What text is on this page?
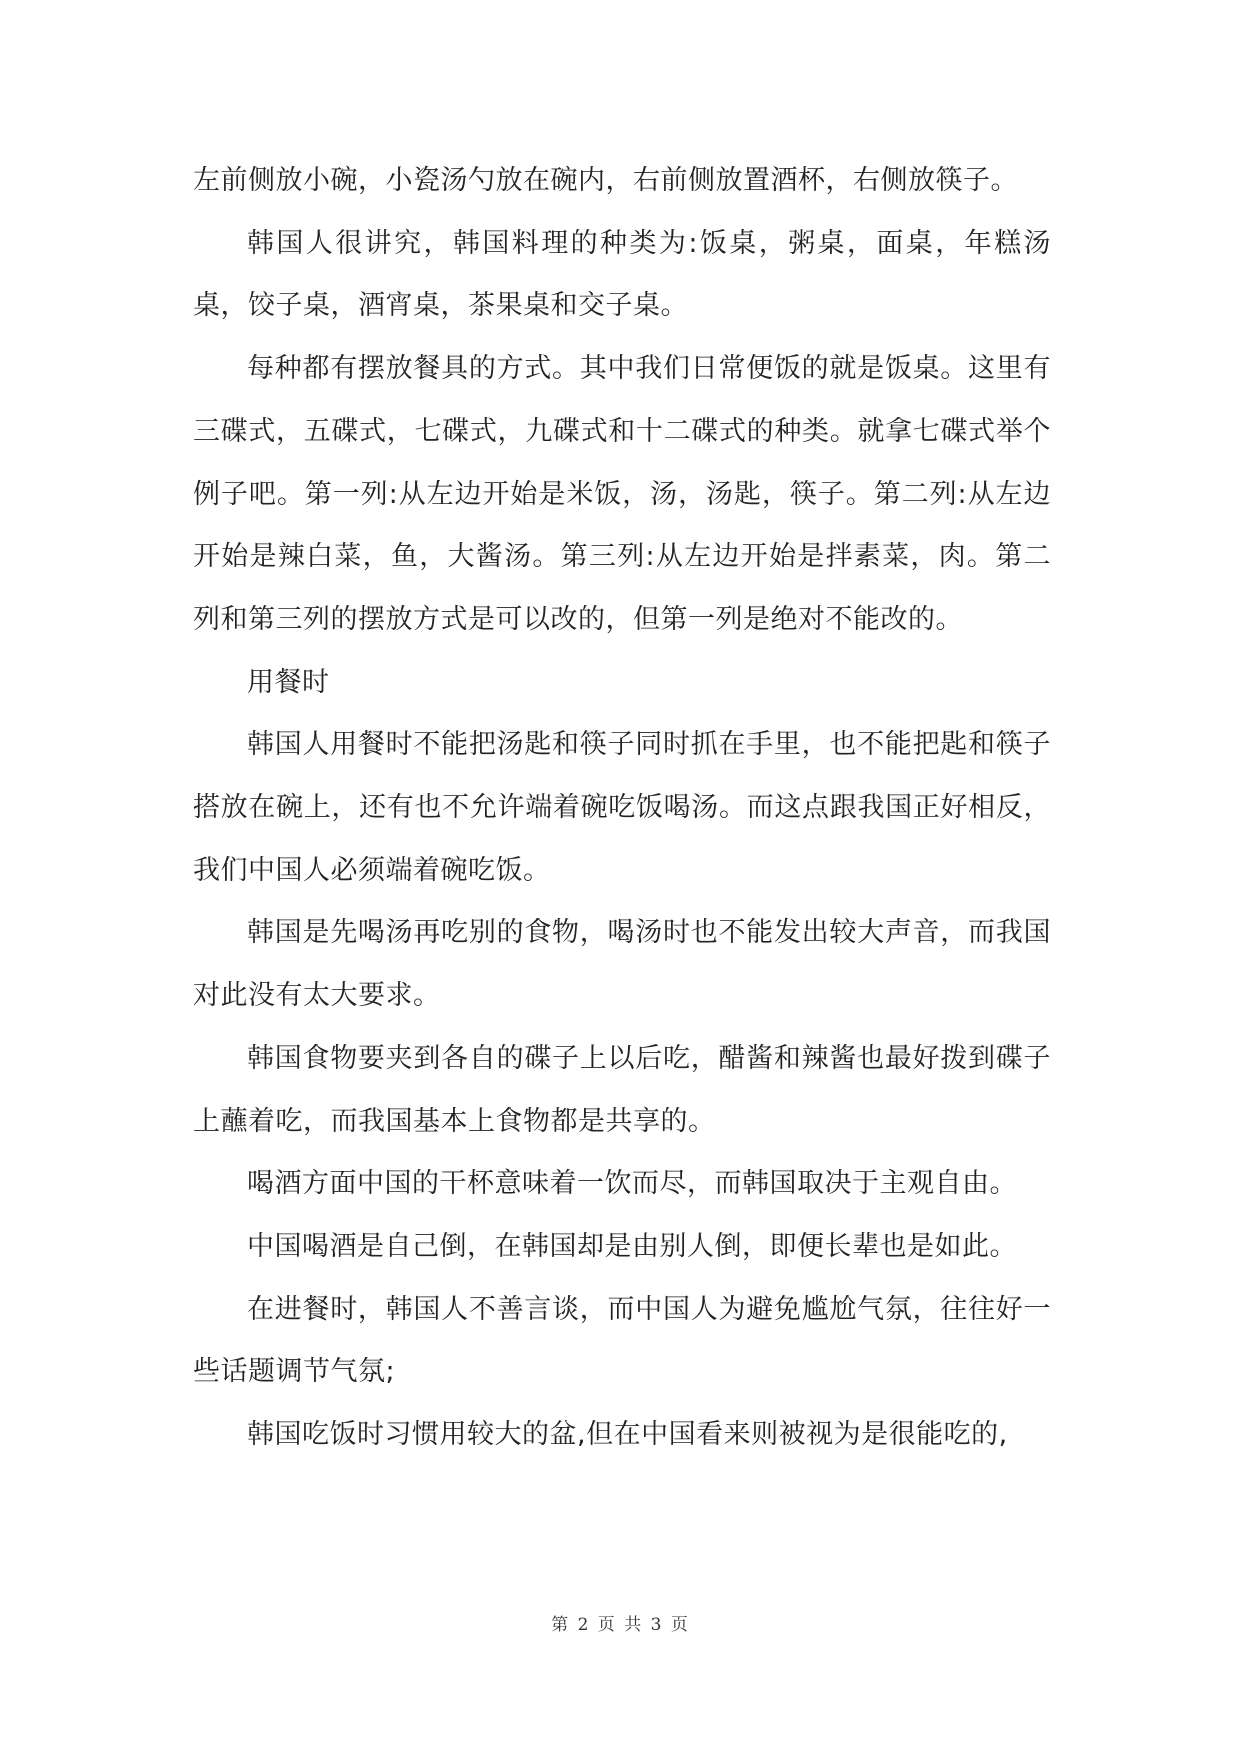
左前侧放小碗，小瓷汤勺放在碗内，右前侧放置酒杯，右侧放筷子。

韩国人很讲究，韩国料理的种类为:饭桌，粥桌，面桌，年糕汤桌，饺子桌，酒宵桌，茶果桌和交子桌。

每种都有摆放餐具的方式。其中我们日常便饭的就是饭桌。这里有三碟式，五碟式，七碟式，九碟式和十二碟式的种类。就拿七碟式举个例子吧。第一列:从左边开始是米饭，汤，汤匙，筷子。第二列:从左边开始是辣白菜，鱼，大酱汤。第三列:从左边开始是拌素菜，肉。第二列和第三列的摆放方式是可以改的，但第一列是绝对不能改的。

用餐时

韩国人用餐时不能把汤匙和筷子同时抓在手里，也不能把匙和筷子搭放在碗上，还有也不允许端着碗吃饭喝汤。而这点跟我国正好相反，我们中国人必须端着碗吃饭。

韩国是先喝汤再吃别的食物，喝汤时也不能发出较大声音，而我国对此没有太大要求。

韩国食物要夹到各自的碟子上以后吃，醋酱和辣酱也最好拨到碟子上蘸着吃，而我国基本上食物都是共享的。

喝酒方面中国的干杯意味着一饮而尽，而韩国取决于主观自由。

中国喝酒是自己倒，在韩国却是由别人倒，即便长辈也是如此。

在进餐时，韩国人不善言谈，而中国人为避免尴尬气氛，往往好一些话题调节气氛;

韩国吃饭时习惯用较大的盆,但在中国看来则被视为是很能吃的,

第 2 页 共 3 页
